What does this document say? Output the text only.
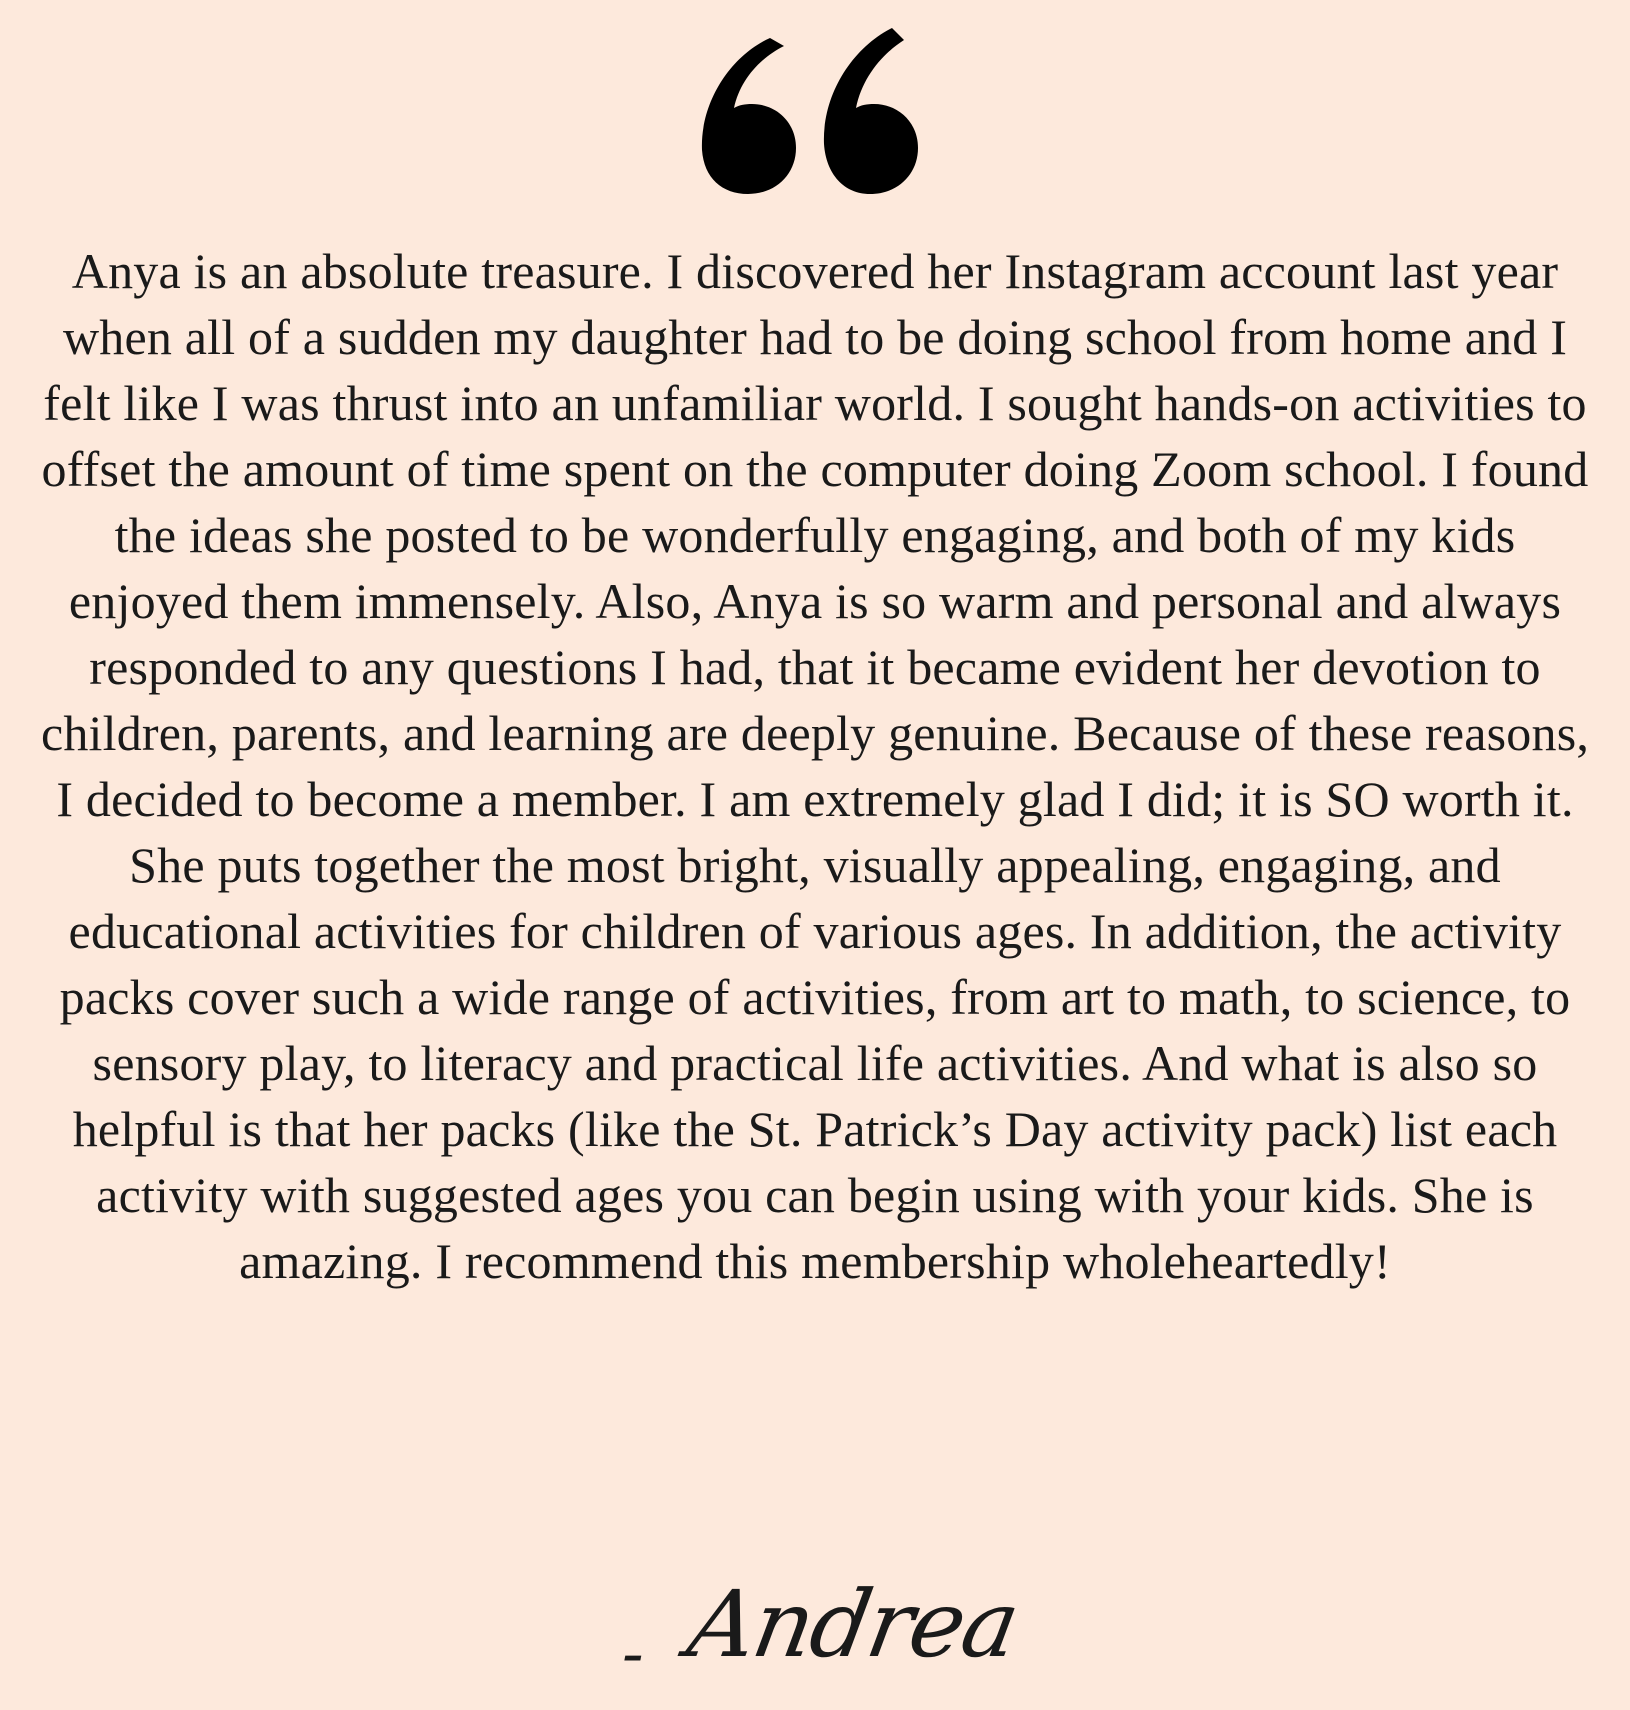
Anya is an absolute treasure. I discovered her Instagram account last year when all of a sudden my daughter had to be doing school from home and I felt like I was thrust into an unfamiliar world. I sought hands-on activities to offset the amount of time spent on the computer doing Zoom school. I found the ideas she posted to be wonderfully engaging, and both of my kids enjoyed them immensely. Also, Anya is so warm and personal and always responded to any questions I had, that it became evident her devotion to children, parents, and learning are deeply genuine. Because of these reasons, I decided to become a member. I am extremely glad I did; it is SO worth it. She puts together the most bright, visually appealing, engaging, and educational activities for children of various ages. In addition, the activity packs cover such a wide range of activities, from art to math, to science, to sensory play, to literacy and practical life activities. And what is also so helpful is that her packs (like the St. Patrick’s Day activity pack) list each activity with suggested ages you can begin using with your kids. She is amazing. I recommend this membership wholeheartedly!

- Andrea
